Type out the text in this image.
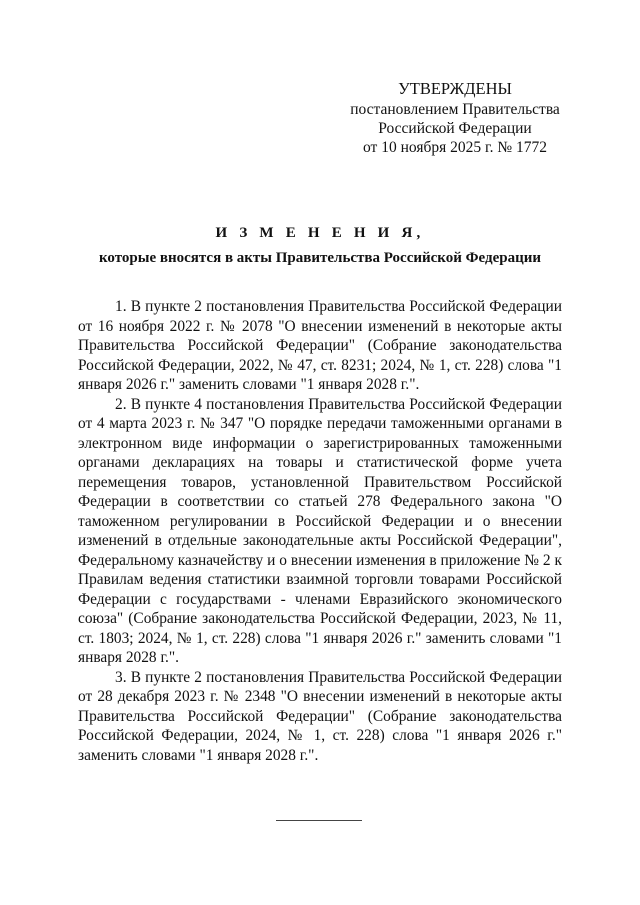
УТВЕРЖДЕНЫ
постановлением Правительства
Российской Федерации
от 10 ноября 2025 г. № 1772
И З М Е Н Е Н И Я,
которые вносятся в акты Правительства Российской Федерации

1. В пункте 2 постановления Правительства Российской Федерации от 16 ноября 2022 г. № 2078 "О внесении изменений в некоторые акты Правительства Российской Федерации" (Собрание законодательства Российской Федерации, 2022, № 47, ст. 8231; 2024, № 1, ст. 228) слова "1 января 2026 г." заменить словами "1 января 2028 г.".

2. В пункте 4 постановления Правительства Российской Федерации от 4 марта 2023 г. № 347 "О порядке передачи таможенными органами в электронном виде информации о зарегистрированных таможенными органами декларациях на товары и статистической форме учета перемещения товаров, установленной Правительством Российской Федерации в соответствии со статьей 278 Федерального закона "О таможенном регулировании в Российской Федерации и о внесении изменений в отдельные законодательные акты Российской Федерации", Федеральному казначейству и о внесении изменения в приложение № 2 к Правилам ведения статистики взаимной торговли товарами Российской Федерации с государствами - членами Евразийского экономического союза" (Собрание законодательства Российской Федерации, 2023, № 11, ст. 1803; 2024, № 1, ст. 228) слова "1 января 2026 г." заменить словами "1 января 2028 г.".

3. В пункте 2 постановления Правительства Российской Федерации от 28 декабря 2023 г. № 2348 "О внесении изменений в некоторые акты Правительства Российской Федерации" (Собрание законодательства Российской Федерации, 2024, № 1, ст. 228) слова "1 января 2026 г." заменить словами "1 января 2028 г.".
